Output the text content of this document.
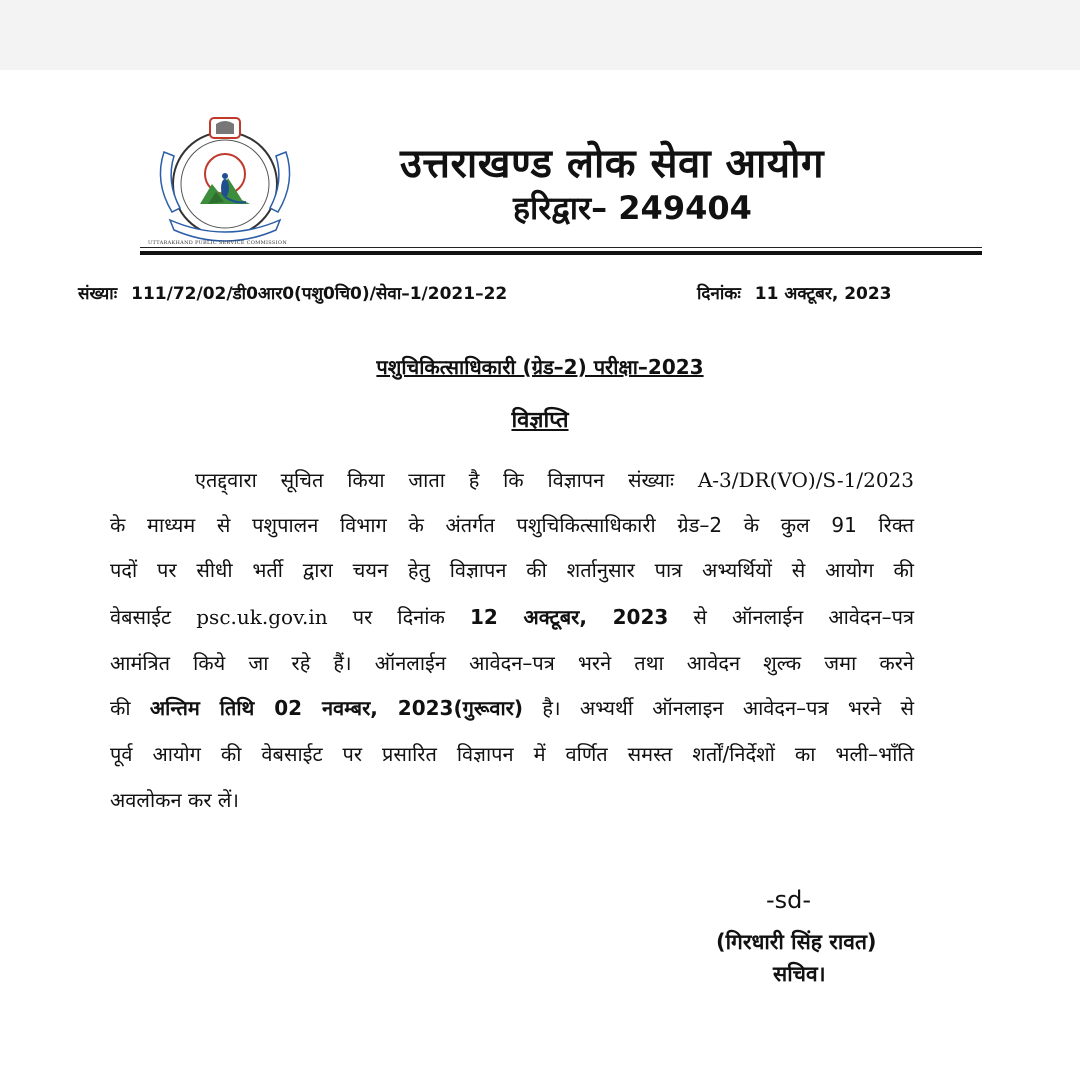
UTTARAKHAND PUBLIC SERVICE COMMISSION
उत्तराखण्ड लोक सेवा आयोग
हरिद्वार– 249404
संख्याः 111/72/02/डी0आर0(पशु0चि0)/सेवा–1/2021–22	दिनांकः 11 अक्टूबर, 2023
पशुचिकित्साधिकारी (ग्रेड–2) परीक्षा–2023
विज्ञप्ति
एतद्द्वारा सूचित किया जाता है कि विज्ञापन संख्याः A-3/DR(VO)/S-1/2023
के माध्यम से पशुपालन विभाग के अंतर्गत पशुचिकित्साधिकारी ग्रेड–2 के कुल 91 रिक्त
पदों पर सीधी भर्ती द्वारा चयन हेतु विज्ञापन की शर्तानुसार पात्र अभ्यर्थियों से आयोग की
वेबसाईट psc.uk.gov.in पर दिनांक 12 अक्टूबर, 2023 से ऑनलाईन आवेदन–पत्र
आमंत्रित किये जा रहे हैं। ऑनलाईन आवेदन–पत्र भरने तथा आवेदन शुल्क जमा करने
की अन्तिम तिथि 02 नवम्बर, 2023(गुरूवार) है। अभ्यर्थी ऑनलाइन आवेदन–पत्र भरने से
पूर्व आयोग की वेबसाईट पर प्रसारित विज्ञापन में वर्णित समस्त शर्तों/निर्देशों का भली–भाँति
अवलोकन कर लें।
-sd-
(गिरधारी सिंह रावत)
सचिव।
